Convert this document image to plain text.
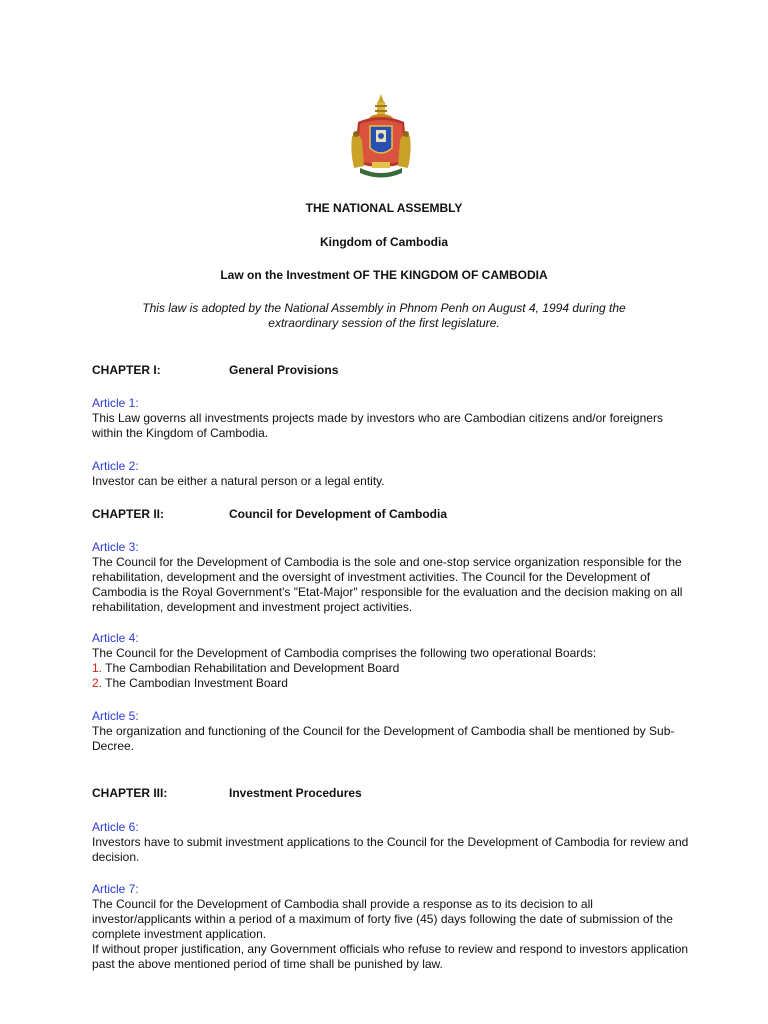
THE NATIONAL ASSEMBLY
Kingdom of Cambodia
Law on the Investment OF THE KINGDOM OF CAMBODIA
This law is adopted by the National Assembly in Phnom Penh on August 4, 1994 during the extraordinary session of the first legislature.
CHAPTER I:	General Provisions
Article 1:
This Law governs all investments projects made by investors who are Cambodian citizens and/or foreigners within the Kingdom of Cambodia.
Article 2:
Investor can be either a natural person or a legal entity.
CHAPTER II:	Council for Development of Cambodia
Article 3:
The Council for the Development of Cambodia is the sole and one-stop service organization responsible for the rehabilitation, development and the oversight of investment activities. The Council for the Development of Cambodia is the Royal Government's "Etat-Major" responsible for the evaluation and the decision making on all rehabilitation, development and investment project activities.
Article 4:
The Council for the Development of Cambodia comprises the following two operational Boards:
1. The Cambodian Rehabilitation and Development Board
2. The Cambodian Investment Board
Article 5:
The organization and functioning of the Council for the Development of Cambodia shall be mentioned by Sub-Decree.
CHAPTER III:	Investment Procedures
Article 6:
Investors have to submit investment applications to the Council for the Development of Cambodia for review and decision.
Article 7:
The Council for the Development of Cambodia shall provide a response as to its decision to all investor/applicants within a period of a maximum of forty five (45) days following the date of submission of the complete investment application.
If without proper justification, any Government officials who refuse to review and respond to investors application past the above mentioned period of time shall be punished by law.
